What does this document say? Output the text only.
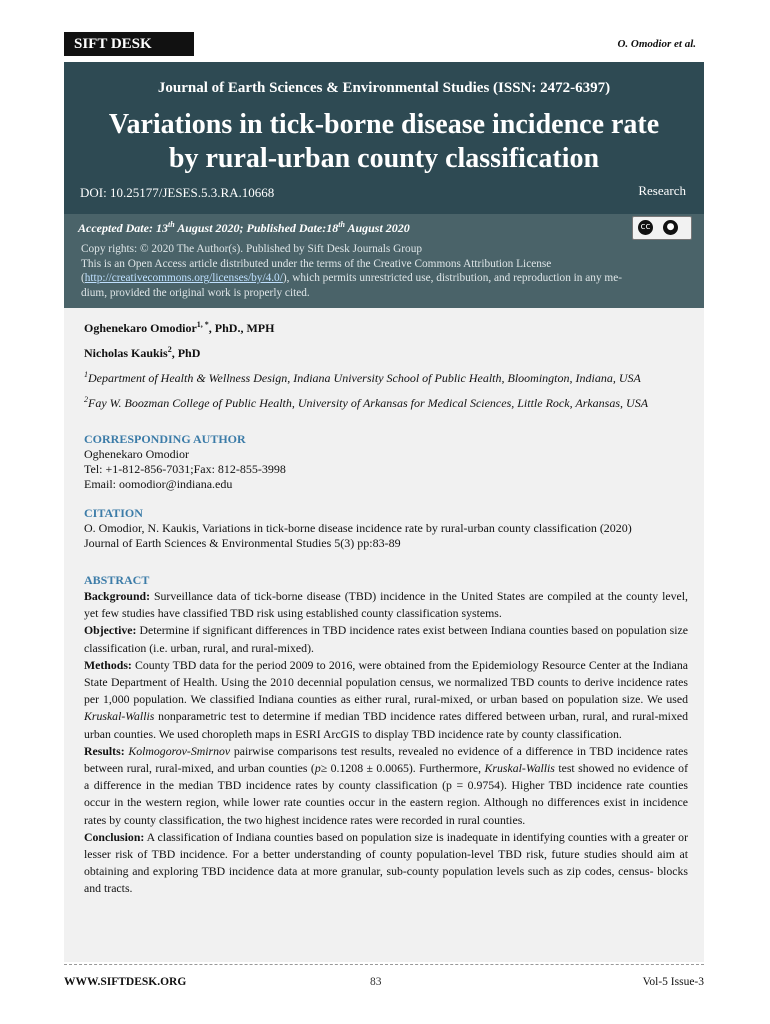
SIFT DESK	O. Omodior et al.
Journal of Earth Sciences & Environmental Studies (ISSN: 2472-6397)
Variations in tick-borne disease incidence rate
by rural-urban county classification
DOI: 10.25177/JESES.5.3.RA.10668	Research
Accepted Date: 13th August 2020; Published Date:18th August 2020	cc	●
Copy rights: © 2020 The Author(s). Published by Sift Desk Journals Group
This is an Open Access article distributed under the terms of the Creative Commons Attribution License
(http://creativecommons.org/licenses/by/4.0/), which permits unrestricted use, distribution, and reproduction in any me-
dium, provided the original work is properly cited.

Oghenekaro Omodior$^{1, *}$, PhD., MPH

Nicholas Kaukis$^2$, PhD

$^1$Department of Health & Wellness Design, Indiana University School of Public Health, Bloomington, Indiana, USA

$^2$Fay W. Boozman College of Public Health, University of Arkansas for Medical Sciences, Little Rock, Arkansas, USA

CORRESPONDING AUTHOR

Oghenekaro Omodior

Tel: +1-812-856-7031;Fax: 812-855-3998

Email: oomodior@indiana.edu

CITATION

O. Omodior, N. Kaukis, Variations in tick-borne disease incidence rate by rural-urban county classification (2020)

Journal of Earth Sciences & Environmental Studies 5(3) pp:83-89

ABSTRACT

Background: Surveillance data of tick-borne disease (TBD) incidence in the United States are compiled at the county level, yet few studies have classified TBD risk using established county classification systems.

Objective: Determine if significant differences in TBD incidence rates exist between Indiana counties based on population size classification (i.e. urban, rural, and rural-mixed).

Methods: County TBD data for the period 2009 to 2016, were obtained from the Epidemiology Resource Center at the Indiana State Department of Health. Using the 2010 decennial population census, we normalized TBD counts to derive incidence rates per 1,000 population. We classified Indiana counties as either rural, rural-mixed, or urban based on population size. We used Kruskal-Wallis nonparametric test to determine if median TBD incidence rates differed between urban, rural, and rural-mixed urban counties. We used choropleth maps in ESRI ArcGIS to display TBD incidence rate by county classification.

Results: Kolmogorov-Smirnov pairwise comparisons test results, revealed no evidence of a difference in TBD incidence rates between rural, rural-mixed, and urban counties (p≥ 0.1208 ± 0.0065). Furthermore, Kruskal-Wallis test showed no evidence of a difference in the median TBD incidence rates by county classification (p = 0.9754). Higher TBD incidence rate counties occur in the western region, while lower rate counties occur in the eastern region. Although no differences exist in incidence rates by county classification, the two highest incidence rates were recorded in rural counties.

Conclusion: A classification of Indiana counties based on population size is inadequate in identifying counties with a greater or lesser risk of TBD incidence. For a better understanding of county population-level TBD risk, future studies should aim at obtaining and exploring TBD incidence data at more granular, sub-county population levels such as zip codes, census- blocks and tracts.

WWW.SIFTDESK.ORG	83	Vol-5 Issue-3
